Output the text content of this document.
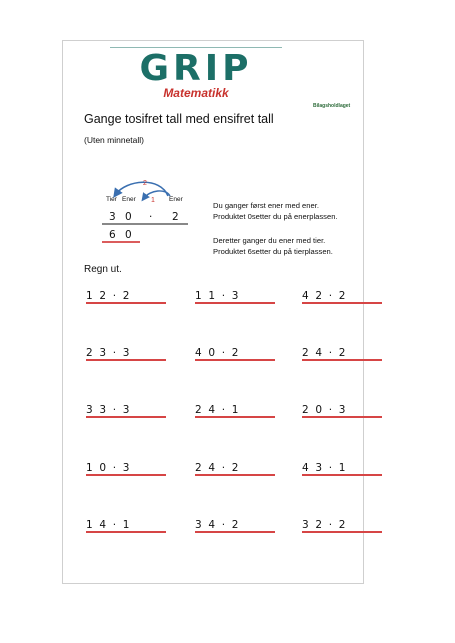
GRIP
Matematikk
Bilagsholdlaget
Gange tosifret tall med ensifret tall
(Uten minnetall)
2
1
Tier Ener	Ener
3 0 · 2
6 0
Du ganger først ener med ener.
Produktet 0setter du på enerplassen.
Deretter ganger du ener med tier.
Produktet 6setter du på tierplassen.
Regn ut.
1  2  ·  2	1  1  ·  3	4  2  ·  2
2  3  ·  3	4  0  ·  2	2  4  ·  2
3  3  ·  3	2  4  ·  1	2  0  ·  3
1  0  ·  3	2  4  ·  2	4  3  ·  1
1  4  ·  1	3  4  ·  2	3  2  ·  2
